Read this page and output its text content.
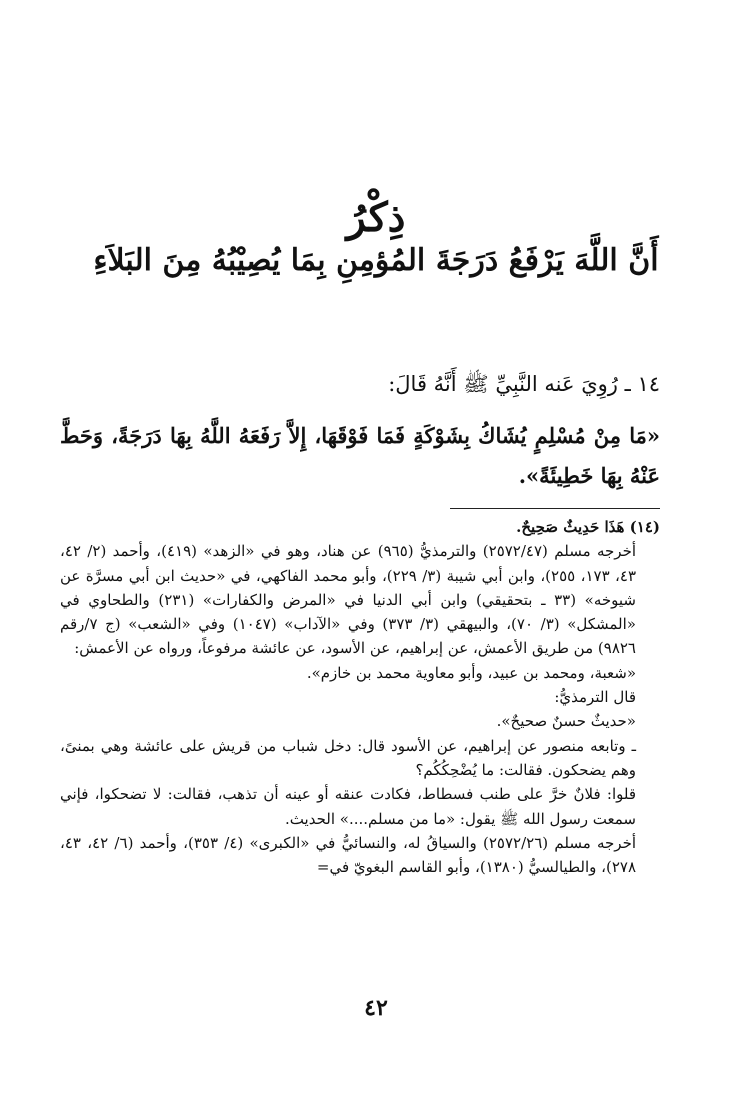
ذِكْرُ
أَنَّ اللَّهَ يَرْفَعُ دَرَجَةَ المُؤمِنِ بِمَا يُصِيْبُهُ مِنَ البَلاَءِ

١٤ ـ رُوِيَ عَنه النَّبِيِّ ﷺ أَنَّهُ قَالَ:

«مَا مِنْ مُسْلِمٍ يُشَاكُ بِشَوْكَةٍ فَمَا فَوْقَهَا، إِلاَّ رَفَعَهُ اللَّهُ بِهَا دَرَجَةً، وَحَطَّ عَنْهُ بِهَا خَطِيئَةً».

(١٤) هَذَا حَدِيثٌ صَحِيحٌ.

أخرجه مسلم (٢٥٧٢/٤٧) والترمذيُّ (٩٦٥) عن هناد، وهو في «الزهد» (٤١٩)، وأحمد (٢/ ٤٢، ٤٣، ١٧٣، ٢٥٥)، وابن أبي شيبة (٣/ ٢٢٩)، وأبو محمد الفاكهي، في «حديث ابن أبي مسرَّة عن شيوخه» (٣٣ ـ بتحقيقي) وابن أبي الدنيا في «المرض والكفارات» (٢٣١) والطحاوي في «المشكل» (٣/ ٧٠)، والبيهقي (٣/ ٣٧٣) وفي «الآداب» (١٠٤٧) وفي «الشعب» (ج ٧/رقم ٩٨٢٦) من طريق الأعمش، عن إبراهيم، عن الأسود، عن عائشة مرفوعاً، ورواه عن الأعمش:

«شعبة، ومحمد بن عبيد، وأبو معاوية محمد بن خازم».

قال الترمذيُّ:

«حديثٌ حسنٌ صحيحٌ».

ـ وتابعه منصور عن إبراهيم، عن الأسود قال: دخل شباب من قريش على عائشة وهي بمنىً، وهم يضحكون. فقالت: ما يُضْحِكُكُم؟

قلوا: فلانٌ خرَّ على طنب فسطاط، فكادت عنقه أو عينه أن تذهب، فقالت: لا تضحكوا، فإني سمعت رسول الله ﷺ يقول: «ما من مسلم....» الحديث.

أخرجه مسلم (٢٥٧٢/٢٦) والسياقُ له، والنسائيُّ في «الكبرى» (٤/ ٣٥٣)، وأحمد (٦/ ٤٢، ٤٣، ٢٧٨)، والطيالسيُّ (١٣٨٠)، وأبو القاسم البغويّ في=

٤٢
